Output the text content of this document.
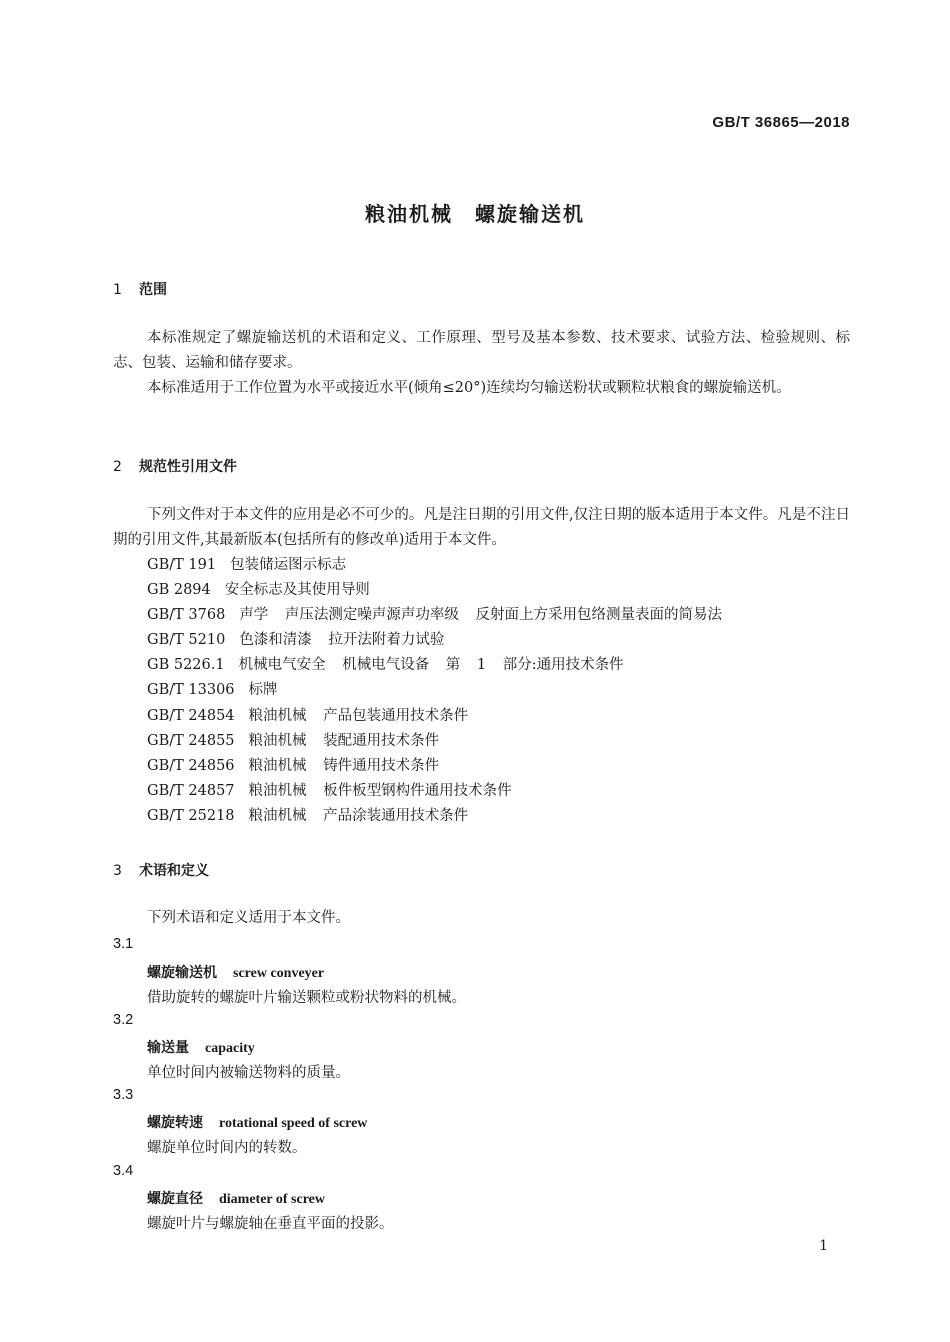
GB/T 36865—2018
粮油机械　螺旋输送机
1 范围
本标准规定了螺旋输送机的术语和定义、工作原理、型号及基本参数、技术要求、试验方法、检验规则、标志、包装、运输和储存要求。
本标准适用于工作位置为水平或接近水平(倾角≤20°)连续均匀输送粉状或颗粒状粮食的螺旋输送机。
2 规范性引用文件
下列文件对于本文件的应用是必不可少的。凡是注日期的引用文件,仅注日期的版本适用于本文件。凡是不注日期的引用文件,其最新版本(包括所有的修改单)适用于本文件。
GB/T 191 包装储运图示标志
GB 2894 安全标志及其使用导则
GB/T 3768 声学 声压法测定噪声源声功率级 反射面上方采用包络测量表面的简易法
GB/T 5210 色漆和清漆 拉开法附着力试验
GB 5226.1 机械电气安全 机械电气设备 第 1 部分:通用技术条件
GB/T 13306 标牌
GB/T 24854 粮油机械 产品包装通用技术条件
GB/T 24855 粮油机械 装配通用技术条件
GB/T 24856 粮油机械 铸件通用技术条件
GB/T 24857 粮油机械 板件板型钢构件通用技术条件
GB/T 25218 粮油机械 产品涂装通用技术条件
3 术语和定义
下列术语和定义适用于本文件。
3.1
螺旋输送机 screw conveyer
借助旋转的螺旋叶片输送颗粒或粉状物料的机械。
3.2
输送量 capacity
单位时间内被输送物料的质量。
3.3
螺旋转速 rotational speed of screw
螺旋单位时间内的转数。
3.4
螺旋直径 diameter of screw
螺旋叶片与螺旋轴在垂直平面的投影。
1
